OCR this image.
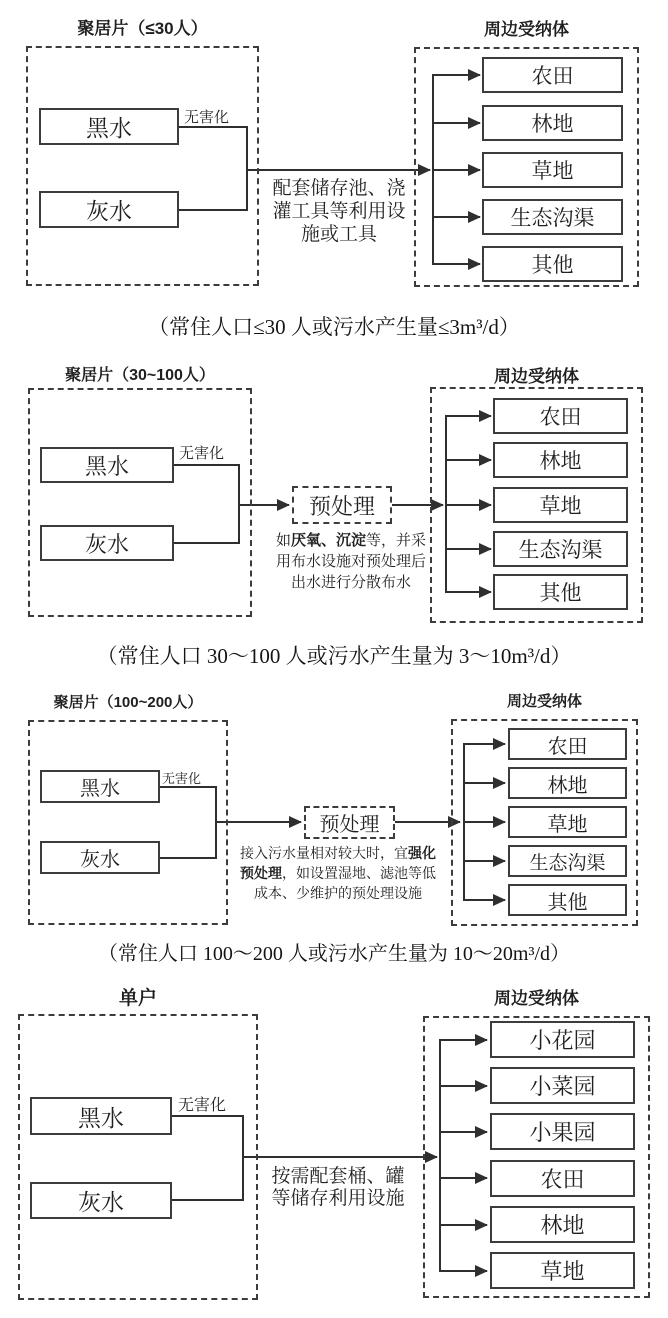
聚居片（≤30人）	周边受纳体
黑水
灰水
无害化
配套储存池、浇
灌工具等利用设
施或工具
农田
林地
草地
生态沟渠
其他
（常住人口≤30 人或污水产生量≤3m³/d）
聚居片（30~100人）	周边受纳体
黑水
灰水
无害化
预处理
如厌氧、沉淀等，并采
用布水设施对预处理后
出水进行分散布水
农田
林地
草地
生态沟渠
其他
（常住人口 30～100 人或污水产生量为 3～10m³/d）
聚居片（100~200人）	周边受纳体
黑水
灰水
无害化
预处理
接入污水量相对较大时，宜强化
预处理，如设置湿地、滤池等低
成本、少维护的预处理设施
农田
林地
草地
生态沟渠
其他
（常住人口 100～200 人或污水产生量为 10～20m³/d）
单户	周边受纳体
黑水
灰水
无害化
按需配套桶、罐
等储存利用设施
小花园
小菜园
小果园
农田
林地
草地
